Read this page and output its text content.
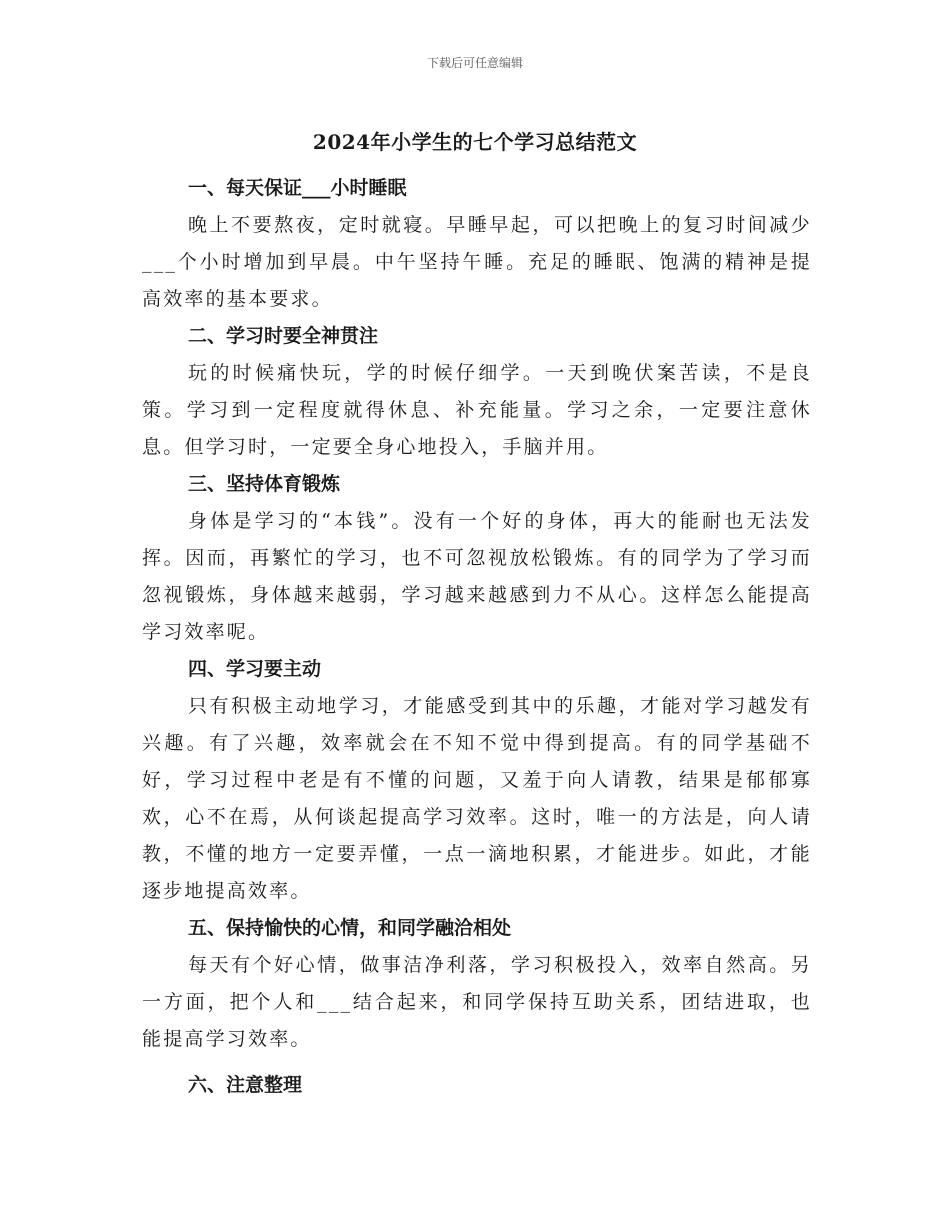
下载后可任意编辑
2024年小学生的七个学习总结范文
一、每天保证___小时睡眠
晚上不要熬夜，定时就寝。早睡早起，可以把晚上的复习时间减少___个小时增加到早晨。中午坚持午睡。充足的睡眠、饱满的精神是提高效率的基本要求。
二、学习时要全神贯注
玩的时候痛快玩，学的时候仔细学。一天到晚伏案苦读，不是良策。学习到一定程度就得休息、补充能量。学习之余，一定要注意休息。但学习时，一定要全身心地投入，手脑并用。
三、坚持体育锻炼
身体是学习的“本钱”。没有一个好的身体，再大的能耐也无法发挥。因而，再繁忙的学习，也不可忽视放松锻炼。有的同学为了学习而忽视锻炼，身体越来越弱，学习越来越感到力不从心。这样怎么能提高学习效率呢。
四、学习要主动
只有积极主动地学习，才能感受到其中的乐趣，才能对学习越发有兴趣。有了兴趣，效率就会在不知不觉中得到提高。有的同学基础不好，学习过程中老是有不懂的问题，又羞于向人请教，结果是郁郁寡欢，心不在焉，从何谈起提高学习效率。这时，唯一的方法是，向人请教，不懂的地方一定要弄懂，一点一滴地积累，才能进步。如此，才能逐步地提高效率。
五、保持愉快的心情，和同学融洽相处
每天有个好心情，做事洁净利落，学习积极投入，效率自然高。另一方面，把个人和___结合起来，和同学保持互助关系，团结进取，也能提高学习效率。
六、注意整理
